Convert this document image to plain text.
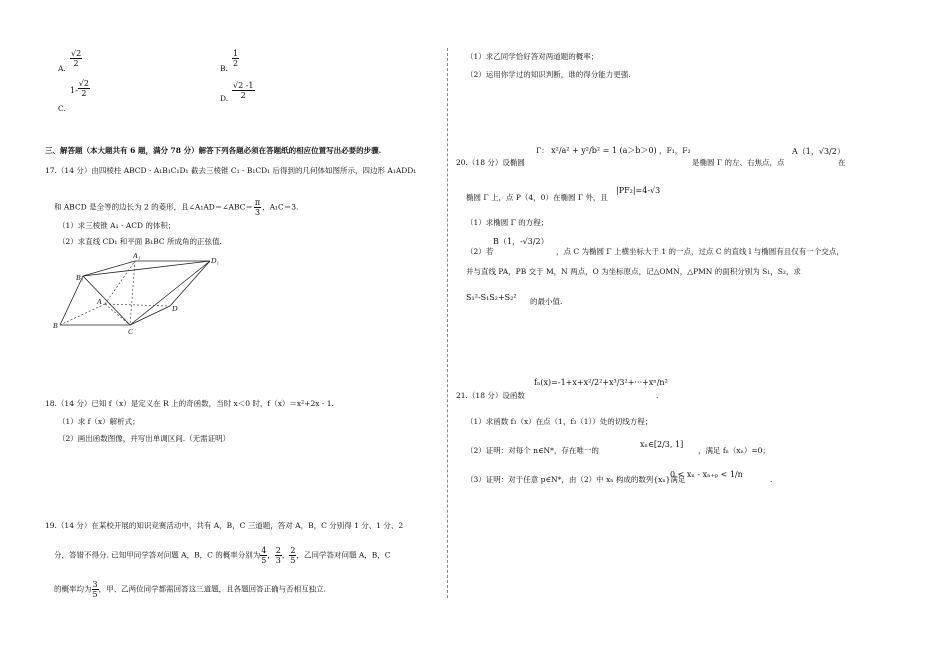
A.
$\frac{√2}{2}$
B.
$\frac{1}{2}$
$1- \frac{√2}{2}$
C.
D. $\frac{√2 -1}{2}$
三、解答题（本大题共有 6 题，满分 78 分）解答下列各题必须在答题纸的相应位置写出必要的步骤.
17.（14 分）由四棱柱 ABCD - A₁B₁C₁D₁ 截去三棱锥 C₁ - B₁CD₁ 后得到的几何体如图所示，四边形 A₁ADD₁
和 ABCD 是全等的边长为 2 的菱形，且∠A₁AD＝∠ABC＝ $\frac{\pi}{3}$ ，A₁C＝3.
（1）求三棱锥 A₁ - ACD 的体积；
（2）求直线 CD₁ 和平面 B₁BC 所成角的正弦值.
A₁
D₁
B₁
A
D
B
C
18.（14 分）已知 f（x）是定义在 R 上的奇函数，当时 x＜0 时，f（x）＝x²+2x - 1.
（1）求 f（x）解析式；
（2）画出函数图像，并写出单调区间.（无需证明）
19.（14 分）在某校开展的知识竞赛活动中，共有 A，B，C 三道题，答对 A，B，C 分别得 1 分、1 分、2
分，答错不得分. 已知甲同学答对问题 A，B，C 的概率分别为 $\frac{4}{5}$ ， $\frac{2}{3}$ ， $\frac{2}{5}$ ，乙同学答对问题 A，B，C
的概率均为 $\frac{3}{5}$ ，甲、乙两位同学都需回答这三道题，且各题回答正确与否相互独立.
（1）求乙同学恰好答对两道题的概率；
（2）运用你学过的知识判断，谁的得分能力更强.
Γ： x²/a² + y²/b² = 1 (a＞b＞0) ，F₁，F₂
20.（18 分）设椭圆	是椭圆 Γ 的左、右焦点，点
A（1，√3/2）
在
椭圆 Γ 上，点 P（4，0）在椭圆 Γ 外，且
|PF₂|=4-√3
（1）求椭圆 Γ 的方程；
（2）若
B（1，-√3/2）
，点 C 为椭圆 Γ 上横坐标大于 1 的一点，过点 C 的直线 l 与椭圆有且仅有一个交点，
并与直线 PA，PB 交于 M，N 两点，O 为坐标原点，记△OMN，△PMN 的面积分别为 S₁，S₂，求
S₁²-S₁S₂+S₂² 的最小值.
21.（18 分）设函数
fₙ(x)=-1+x+x²/2²+x³/3²+···+xⁿ/n²
.
（1）求函数 f₃（x）在点（1，f₃（1））处的切线方程；
（2）证明：对每个 n∈N*，存在唯一的
xₙ∈[2/3, 1]
，满足 fₙ（xₙ）=0；
（3）证明：对于任意 p∈N*，由（2）中 xₙ 构成的数列{xₙ}满足
0 < xₙ - xₙ₊ₚ < 1/n
.
